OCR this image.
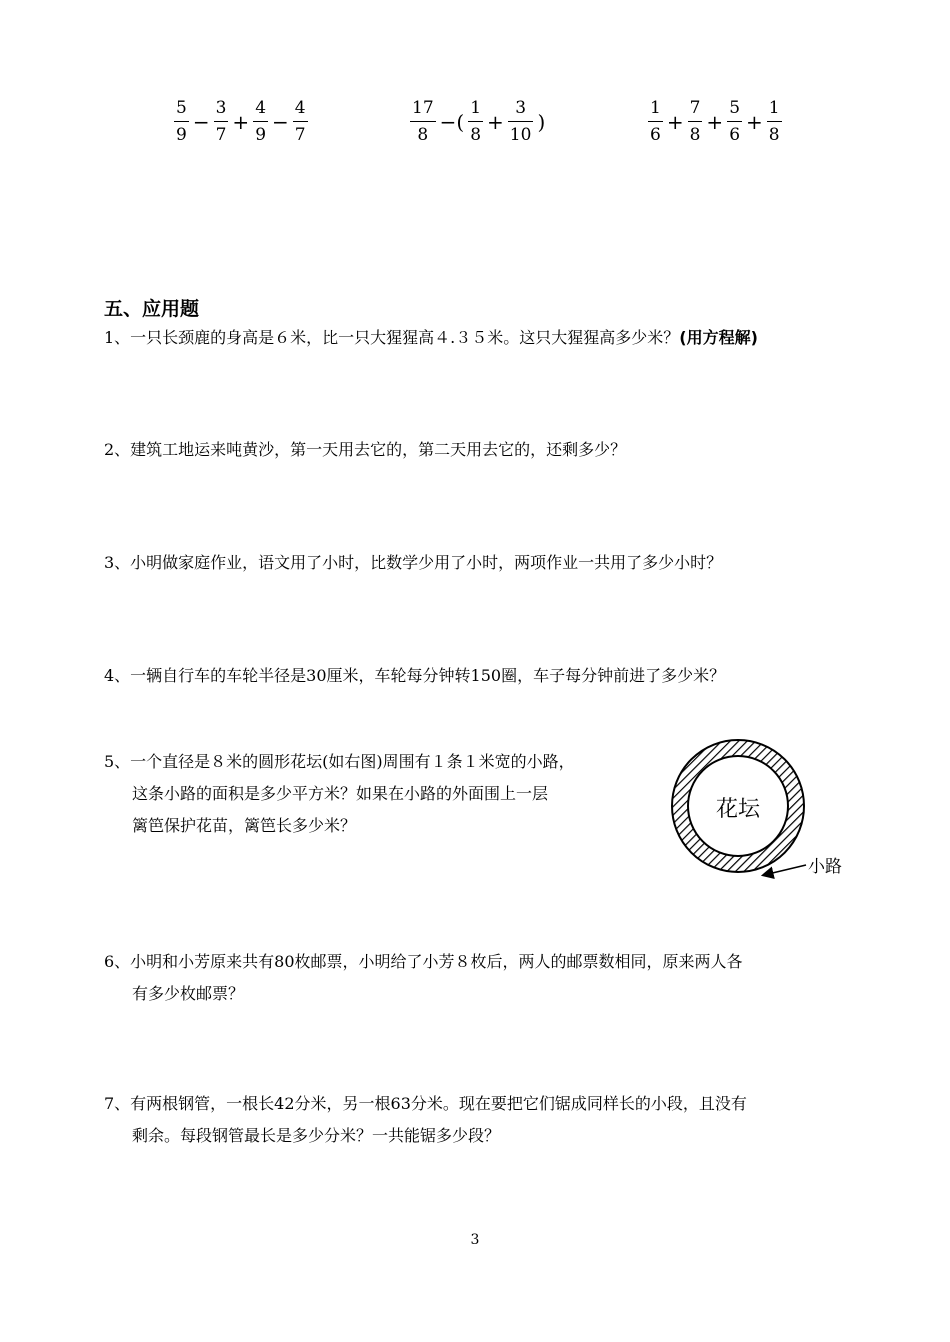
$\frac{5}{9} - \frac{3}{7} + \frac{4}{9} - \frac{4}{7}$	$\frac{17}{8}$ −( $\frac{1}{8} + \frac{3}{10}$ )	$\frac{1}{6} + \frac{7}{8} + \frac{5}{6} + \frac{1}{8}$
五、应用题
1、一只长颈鹿的身高是６米，比一只大猩猩高４.３５米。这只大猩猩高多少米？(用方程解)
2、建筑工地运来吨黄沙，第一天用去它的，第二天用去它的，还剩多少？
3、小明做家庭作业，语文用了小时，比数学少用了小时，两项作业一共用了多少小时？
4、一辆自行车的车轮半径是30厘米，车轮每分钟转150圈，车子每分钟前进了多少米？
5、一个直径是８米的圆形花坛(如右图)周围有１条１米宽的小路，
这条小路的面积是多少平方米？如果在小路的外面围上一层
篱笆保护花苗，篱笆长多少米？
花坛
小路
6、小明和小芳原来共有80枚邮票，小明给了小芳８枚后，两人的邮票数相同，原来两人各
有多少枚邮票？
7、有两根钢管，一根长42分米，另一根63分米。现在要把它们锯成同样长的小段，且没有
剩余。每段钢管最长是多少分米？一共能锯多少段？
3
